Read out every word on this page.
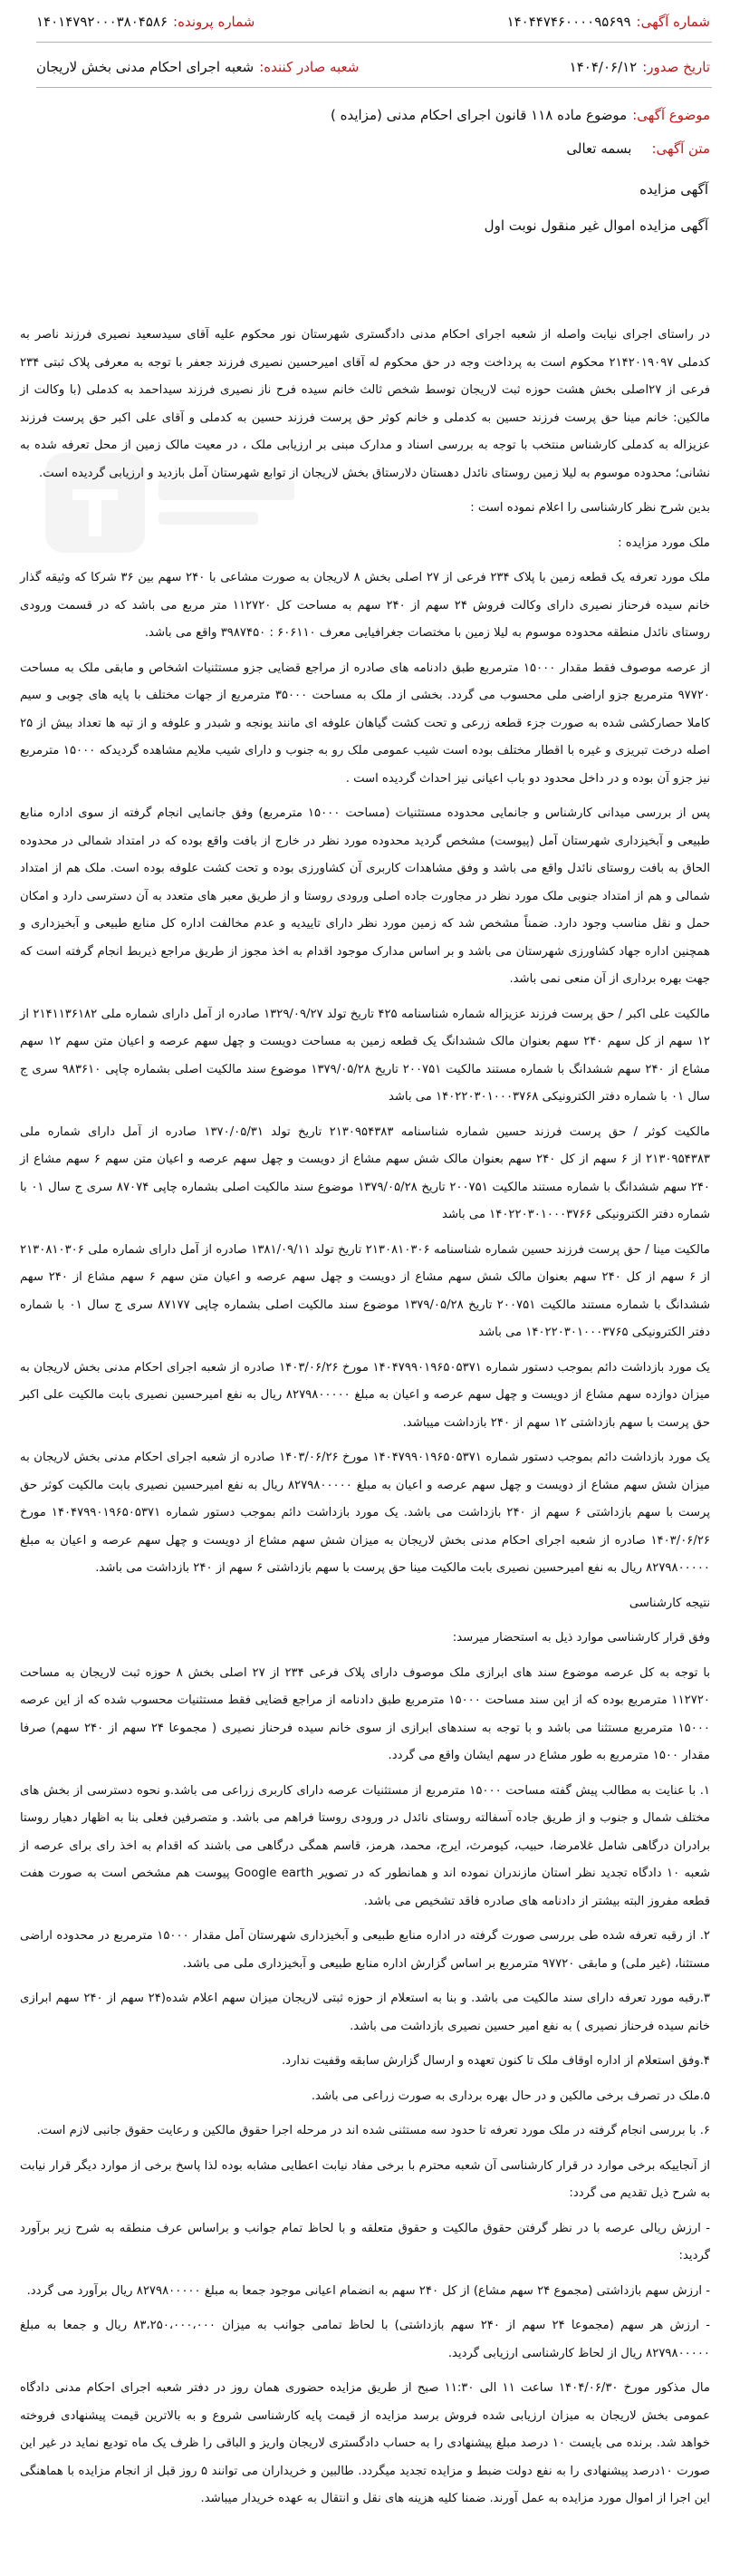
شماره آگهی:
۱۴۰۴۴۷۴۶۰۰۰۰۹۵۶۹۹
شماره پرونده:
۱۴۰۱۴۷۹۲۰۰۰۳۸۰۴۵۸۶
تاریخ صدور:
۱۴۰۴/۰۶/۱۲
شعبه صادر کننده:
شعبه اجرای احکام مدنی بخش لاریجان
موضوع آگهی:
موضوع ماده ۱۱۸ قانون اجرای احکام مدنی (مزایده )
متن آگهی:
بسمه تعالی
آگهی مزایده
آگهی مزایده اموال غیر منقول نوبت اول

در راستای اجرای نیابت واصله از شعبه اجرای احکام مدنی دادگستری شهرستان نور محکوم علیه آقای سیدسعید نصیری فرزند ناصر به کدملی ۲۱۴۲۰۱۹۰۹۷ محکوم است به پرداخت وجه در حق محکوم له آقای امیرحسین نصیری فرزند جعفر با توجه به معرفی پلاک ثبتی ۲۳۴ فرعی از ۲۷اصلی بخش هشت حوزه ثبت لاریجان توسط شخص ثالث خانم سیده فرح ناز نصیری فرزند سیداحمد به کدملی (با وکالت از مالکین: خانم مینا حق پرست فرزند حسین به کدملی و خانم کوثر حق پرست فرزند حسین به کدملی و آقای علی اکبر حق پرست فرزند عزیزاله به کدملی کارشناس منتخب با توجه به بررسی اسناد و مدارک مبنی بر ارزیابی ملک ، در معیت مالک زمین از محل تعرفه شده به نشانی؛ محدوده موسوم به لیلا زمین روستای نائدل دهستان دلارستاق بخش لاریجان از توابع شهرستان آمل بازدید و ارزیابی گردیده است.

بدین شرح نظر کارشناسی را اعلام نموده است :

ملک مورد مزایده :

ملک مورد تعرفه یک قطعه زمین با پلاک ۲۳۴ فرعی از ۲۷ اصلی بخش ۸ لاریجان به صورت مشاعی با ۲۴۰ سهم بین ۳۶ شرکا که وثیقه گذار خانم سیده فرحناز نصیری دارای وکالت فروش ۲۴ سهم از ۲۴۰ سهم به مساحت کل ۱۱۲۷۲۰ متر مربع می باشد که در قسمت ورودی روستای نائدل منطقه محدوده موسوم به لیلا زمین با مختصات جغرافیایی معرف ۶۰۶۱۱۰ : ۳۹۸۷۴۵۰ واقع می باشد.

از عرصه موصوف فقط مقدار ۱۵۰۰۰ مترمربع طبق دادنامه های صادره از مراجع قضایی جزو مستثنیات اشخاص و مابقی ملک به مساحت ۹۷۷۲۰ مترمربع جزو اراضی ملی محسوب می گردد. بخشی از ملک به مساحت ۳۵۰۰۰ مترمربع از جهات مختلف با پایه های چوبی و سیم کاملا حصارکشی شده به صورت جزء قطعه زرعی و تحت کشت گیاهان علوفه ای مانند یونجه و شبدر و علوفه و از تپه ها تعداد بیش از ۲۵ اصله درخت تبریزی و غیره با اقطار مختلف بوده است شیب عمومی ملک رو به جنوب و دارای شیب ملایم مشاهده گردیدکه ۱۵۰۰۰ مترمربع نیز جزو آن بوده و در داخل محدود دو باب اعیانی نیز احداث گردیده است .

پس از بررسی میدانی کارشناس و جانمایی محدوده مستثنیات (مساحت ۱۵۰۰۰ مترمربع) وفق جانمایی انجام گرفته از سوی اداره منابع طبیعی و آبخیزداری شهرستان آمل (پیوست) مشخص گردید محدوده مورد نظر در خارج از بافت واقع بوده که در امتداد شمالی در محدوده الحاق به بافت روستای نائدل واقع می باشد و وفق مشاهدات کاربری آن کشاورزی بوده و تحت کشت علوفه بوده است. ملک هم از امتداد شمالی و هم از امتداد جنوبی ملک مورد نظر در مجاورت جاده اصلی ورودی روستا و از طریق معبر های متعدد به آن دسترسی دارد و امکان حمل و نقل مناسب وجود دارد. ضمناً مشخص شد که زمین مورد نظر دارای تاییدیه و عدم مخالفت اداره کل منابع طبیعی و آبخیزداری و همچنین اداره جهاد کشاورزی شهرستان می باشد و بر اساس مدارک موجود اقدام به اخذ مجوز از طریق مراجع ذیربط انجام گرفته است که جهت بهره برداری از آن منعی نمی باشد.

مالکیت علی اکبر / حق پرست فرزند عزیزاله شماره شناسنامه ۴۲۵ تاریخ تولد ۱۳۲۹/۰۹/۲۷ صادره از آمل دارای شماره ملی ۲۱۴۱۱۳۶۱۸۲ از ۱۲ سهم از کل سهم ۲۴۰ سهم بعنوان مالک ششدانگ یک قطعه زمین به مساحت دویست و چهل سهم عرصه و اعیان متن سهم ۱۲ سهم مشاع از ۲۴۰ سهم ششدانگ با شماره مستند مالکیت ۲۰۰۷۵۱ تاریخ ۱۳۷۹/۰۵/۲۸ موضوع سند مالکیت اصلی بشماره چاپی ۹۸۳۶۱۰ سری ج سال ۰۱ با شماره دفتر الکترونیکی ۱۴۰۲۲۰۳۰۱۰۰۰۳۷۶۸ می باشد

مالکیت کوثر / حق پرست فرزند حسین شماره شناسنامه ۲۱۳۰۹۵۴۳۸۳ تاریخ تولد ۱۳۷۰/۰۵/۳۱ صادره از آمل دارای شماره ملی ۲۱۳۰۹۵۴۳۸۳ از ۶ سهم از کل ۲۴۰ سهم بعنوان مالک شش سهم مشاع از دویست و چهل سهم عرصه و اعیان متن سهم ۶ سهم مشاع از ۲۴۰ سهم ششدانگ با شماره مستند مالکیت ۲۰۰۷۵۱ تاریخ ۱۳۷۹/۰۵/۲۸ موضوع سند مالکیت اصلی بشماره چاپی ۸۷۰۷۴ سری ج سال ۰۱ با شماره دفتر الکترونیکی ۱۴۰۲۲۰۳۰۱۰۰۰۳۷۶۶ می باشد

مالکیت مینا / حق پرست فرزند حسین شماره شناسنامه ۲۱۳۰۸۱۰۳۰۶ تاریخ تولد ۱۳۸۱/۰۹/۱۱ صادره از آمل دارای شماره ملی ۲۱۳۰۸۱۰۳۰۶ از ۶ سهم از کل ۲۴۰ سهم بعنوان مالک شش سهم مشاع از دویست و چهل سهم عرصه و اعیان متن سهم ۶ سهم مشاع از ۲۴۰ سهم ششدانگ با شماره مستند مالکیت ۲۰۰۷۵۱ تاریخ ۱۳۷۹/۰۵/۲۸ موضوع سند مالکیت اصلی بشماره چاپی ۸۷۱۷۷ سری ج سال ۰۱ با شماره دفتر الکترونیکی ۱۴۰۲۲۰۳۰۱۰۰۰۳۷۶۵ می باشد

یک مورد بازداشت دائم بموجب دستور شماره ۱۴۰۴۷۹۹۰۱۹۶۵۰۵۳۷۱ مورخ ۱۴۰۳/۰۶/۲۶ صادره از شعبه اجرای احکام مدنی بخش لاریجان به میزان دوازده سهم مشاع از دویست و چهل سهم عرصه و اعیان به مبلغ ۸۲۷۹۸۰۰۰۰۰ ریال به نفع امیرحسین نصیری بابت مالکیت علی اکبر حق پرست با سهم بازداشتی ۱۲ سهم از ۲۴۰ بازداشت میباشد.

یک مورد بازداشت دائم بموجب دستور شماره ۱۴۰۴۷۹۹۰۱۹۶۵۰۵۳۷۱ مورخ ۱۴۰۳/۰۶/۲۶ صادره از شعبه اجرای احکام مدنی بخش لاریجان به میزان شش سهم مشاع از دویست و چهل سهم عرصه و اعیان به مبلغ ۸۲۷۹۸۰۰۰۰۰ ریال به نفع امیرحسین نصیری بابت مالکیت کوثر حق پرست با سهم بازداشتی ۶ سهم از ۲۴۰ بازداشت می باشد. یک مورد بازداشت دائم بموجب دستور شماره ۱۴۰۴۷۹۹۰۱۹۶۵۰۵۳۷۱ مورخ ۱۴۰۳/۰۶/۲۶ صادره از شعبه اجرای احکام مدنی بخش لاریجان به میزان شش سهم مشاع از دویست و چهل سهم عرصه و اعیان به مبلغ ۸۲۷۹۸۰۰۰۰۰ ریال به نفع امیرحسین نصیری بابت مالکیت مینا حق پرست با سهم بازداشتی ۶ سهم از ۲۴۰ بازداشت می باشد.

نتیجه کارشناسی

وفق قرار کارشناسی موارد ذیل به استحضار میرسد:

با توجه به کل عرصه موضوع سند های ابرازی ملک موصوف دارای پلاک فرعی ۲۳۴ از ۲۷ اصلی بخش ۸ حوزه ثبت لاریجان به مساحت ۱۱۲۷۲۰ مترمربع بوده که از این سند مساحت ۱۵۰۰۰ مترمربع طبق دادنامه از مراجع قضایی فقط مستثنیات محسوب شده که از این عرصه ۱۵۰۰۰ مترمربع مستثنا می باشد و با توجه به سندهای ابرازی از سوی خانم سیده فرحناز نصیری ( مجموعا ۲۴ سهم از ۲۴۰ سهم) صرفا مقدار ۱۵۰۰ مترمربع به طور مشاع در سهم ایشان واقع می گردد.

۱. با عنایت به مطالب پیش گفته مساحت ۱۵۰۰۰ مترمربع از مستثنیات عرصه دارای کاربری زراعی می باشد.و نحوه دسترسی از بخش های مختلف شمال و جنوب و از طریق جاده آسفالته روستای نائدل در ورودی روستا فراهم می باشد. و متصرفین فعلی بنا به اظهار دهیار روستا برادران درگاهی شامل غلامرضا، حبیب، کیومرث، ایرج، محمد، هرمز، قاسم همگی درگاهی می باشند که اقدام به اخذ رای برای عرصه از شعبه ۱۰ دادگاه تجدید نظر استان مازندران نموده اند و همانطور که در تصویر Google earth پیوست هم مشخص است به صورت هفت قطعه مفروز البته بیشتر از دادنامه های صادره فاقد تشخیص می باشد.

۲. از رقبه تعرفه شده طی بررسی صورت گرفته در اداره منابع طبیعی و آبخیزداری شهرستان آمل مقدار ۱۵۰۰۰ مترمربع در محدوده اراضی مستثنا، (غیر ملی) و مابقی ۹۷۷۲۰ مترمربع بر اساس گزارش اداره منابع طبیعی و آبخیزداری ملی می باشد.

۳.رقبه مورد تعرفه دارای سند مالکیت می باشد. و بنا به استعلام از حوزه ثبتی لاریجان میزان سهم اعلام شده(۲۴ سهم از ۲۴۰ سهم ابرازی خانم سیده فرحناز نصیری ) به نفع امیر حسین نصیری بازداشت می باشد.

۴.وفق استعلام از اداره اوقاف ملک تا کنون تعهده و ارسال گزارش سابقه وقفیت ندارد.

۵.ملک در تصرف برخی مالکین و در حال بهره برداری به صورت زراعی می باشد.

۶. با بررسی انجام گرفته در ملک مورد تعرفه تا حدود سه مستثنی شده اند در مرحله اجرا حقوق مالکین و رعایت حقوق جانبی لازم است.

از آنجاییکه برخی موارد در قرار کارشناسی آن شعبه محترم با برخی مفاد نیابت اعطایی مشابه بوده لذا پاسخ برخی از موارد دیگر قرار نیابت به شرح ذیل تقدیم می گردد:

- ارزش ریالی عرصه با در نظر گرفتن حقوق مالکیت و حقوق متعلقه و با لحاظ تمام جوانب و براساس عرف منطقه به شرح زیر برآورد گردید:

- ارزش سهم بازداشتی (مجموع ۲۴ سهم مشاع) از کل ۲۴۰ سهم به انضمام اعیانی موجود جمعا به مبلغ ۸۲۷۹۸۰۰۰۰۰ ریال برآورد می گردد.

- ارزش هر سهم (مجموعا ۲۴ سهم از ۲۴۰ سهم بازداشتی) با لحاظ تمامی جوانب به میزان ۸۳،۲۵۰،۰۰۰،۰۰۰ ریال و جمعا به مبلغ ۸۲۷۹۸۰۰۰۰۰ ریال از لحاظ کارشناسی ارزیابی گردید.

مال مذکور مورخ ۱۴۰۴/۰۶/۳۰ ساعت ۱۱ الی ۱۱:۳۰ صبح از طریق مزایده حضوری همان روز در دفتر شعبه اجرای احکام مدنی دادگاه عمومی بخش لاریجان به میزان ارزیابی شده فروش برسد مزایده از قیمت پایه کارشناسی شروع و به بالاترین قیمت پیشنهادی فروخته خواهد شد. برنده می بایست ۱۰ درصد مبلغ پیشنهادی را به حساب دادگستری لاریجان واریز و الباقی را ظرف یک ماه تودیع نماید در غیر این صورت ۱۰درصد پیشنهادی را به نفع دولت ضبط و مزایده تجدید میگردد. طالبین و خریداران می توانند ۵ روز قبل از انجام مزایده با هماهنگی این اجرا از اموال مورد مزایده به عمل آورند. ضمنا کلیه هزینه های نقل و انتقال به عهده خریدار میباشد.
